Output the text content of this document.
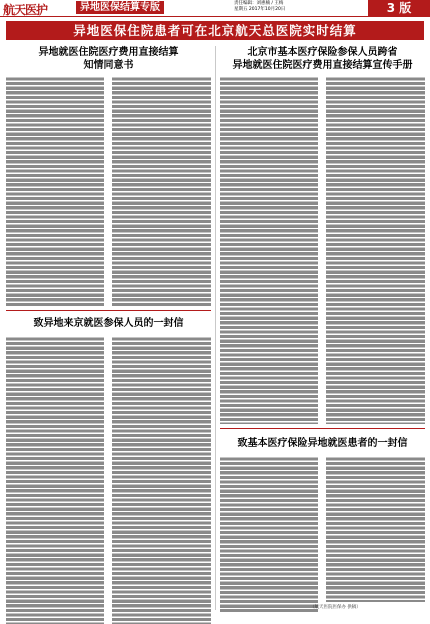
航天医护	异地医保结算专版	责任编辑：刘惠楠 / 王梅
星期五 2017年10月20日	3 版
异地医保住院患者可在北京航天总医院实时结算
异地就医住院医疗费用直接结算
知情同意书
致异地来京就医参保人员的一封信
北京市基本医疗保险参保人员跨省
异地就医住院医疗费用直接结算宣传手册
致基本医疗保险异地就医患者的一封信
（航天医院医保办 供稿）
